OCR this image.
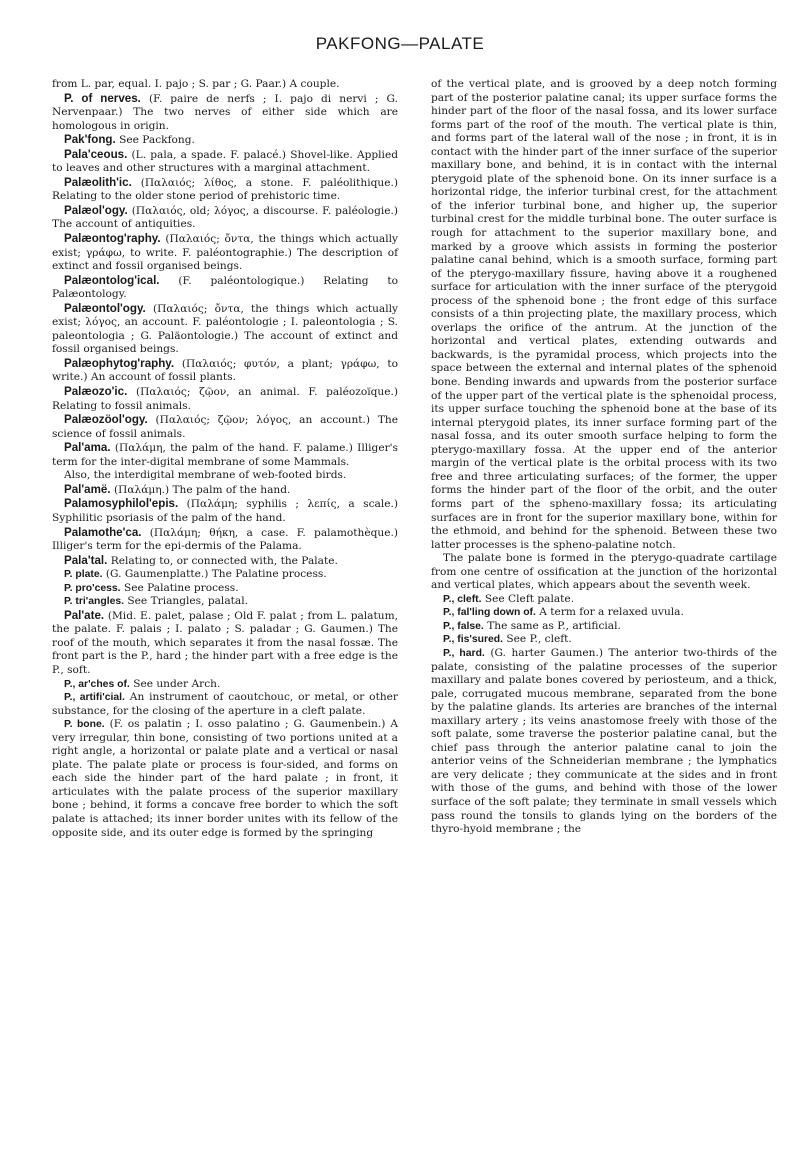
PAKFONG—PALATE

from L. par, equal. I. pajo ; S. par ; G. Paar.) A couple.

P. of nerves. (F. paire de nerfs ; I. pajo di nervi ; G. Nervenpaar.) The two nerves of either side which are homologous in origin.

Pak'fong. See Packfong.

Pala'ceous. (L. pala, a spade. F. palacé.) Shovel-like. Applied to leaves and other structures with a marginal attachment.

Palæolith'ic. (Παλαιός; λίθος, a stone. F. paléolithique.) Relating to the older stone period of prehistoric time.

Palæol'ogy. (Παλαιός, old; λόγος, a discourse. F. paléologie.) The account of antiquities.

Palæontog'raphy. (Παλαιός; ὄντα, the things which actually exist; γράφω, to write. F. paléontographie.) The description of extinct and fossil organised beings.

Palæontolog'ical. (F. paléontologique.) Relating to Palæontology.

Palæontol'ogy. (Παλαιός; ὄντα, the things which actually exist; λόγος, an account. F. paléontologie ; I. paleontologia ; S. paleontologia ; G. Paläontologie.) The account of extinct and fossil organised beings.

Palæophytog'raphy. (Παλαιός; φυτόν, a plant; γράφω, to write.) An account of fossil plants.

Palæozo'ic. (Παλαιός; ζῷον, an animal. F. paléozoïque.) Relating to fossil animals.

Palæozöol'ogy. (Παλαιός; ζῷον; λόγος, an account.) The science of fossil animals.

Pal'ama. (Παλάμη, the palm of the hand. F. palame.) Illiger's term for the inter-digital membrane of some Mammals.

Also, the interdigital membrane of web-footed birds.

Pal'amë. (Παλάμη.) The palm of the hand.

Palamosyphilol'epis. (Παλάμη; syphilis ; λεπίς, a scale.) Syphilitic psoriasis of the palm of the hand.

Palamothe'ca. (Παλάμη; θήκη, a case. F. palamothèque.) Illiger's term for the epi-dermis of the Palama.

Pala'tal. Relating to, or connected with, the Palate.

P. plate. (G. Gaumenplatte.) The Palatine process.

P. pro'cess. See Palatine process.

P. tri'angles. See Triangles, palatal.

Pal'ate. (Mid. E. palet, palase ; Old F. palat ; from L. palatum, the palate. F. palais ; I. palato ; S. paladar ; G. Gaumen.) The roof of the mouth, which separates it from the nasal fossæ. The front part is the P., hard ; the hinder part with a free edge is the P., soft.

P., ar'ches of. See under Arch.

P., artifi'cial. An instrument of caoutchouc, or metal, or other substance, for the closing of the aperture in a cleft palate.

P. bone. (F. os palatin ; I. osso palatino ; G. Gaumenbein.) A very irregular, thin bone, consisting of two portions united at a right angle, a horizontal or palate plate and a vertical or nasal plate. The palate plate or process is four-sided, and forms on each side the hinder part of the hard palate ; in front, it articulates with the palate process of the superior maxillary bone ; behind, it forms a concave free border to which the soft palate is attached; its inner border unites with its fellow of the opposite side, and its outer edge is formed by the springing

of the vertical plate, and is grooved by a deep notch forming part of the posterior palatine canal; its upper surface forms the hinder part of the floor of the nasal fossa, and its lower surface forms part of the roof of the mouth. The vertical plate is thin, and forms part of the lateral wall of the nose ; in front, it is in contact with the hinder part of the inner surface of the superior maxillary bone, and behind, it is in contact with the internal pterygoid plate of the sphenoid bone. On its inner surface is a horizontal ridge, the inferior turbinal crest, for the attachment of the inferior turbinal bone, and higher up, the superior turbinal crest for the middle turbinal bone. The outer surface is rough for attachment to the superior maxillary bone, and marked by a groove which assists in forming the posterior palatine canal behind, which is a smooth surface, forming part of the pterygo-maxillary fissure, having above it a roughened surface for articulation with the inner surface of the pterygoid process of the sphenoid bone ; the front edge of this surface consists of a thin projecting plate, the maxillary process, which overlaps the orifice of the antrum. At the junction of the horizontal and vertical plates, extending outwards and backwards, is the pyramidal process, which projects into the space between the external and internal plates of the sphenoid bone. Bending inwards and upwards from the posterior surface of the upper part of the vertical plate is the sphenoidal process, its upper surface touching the sphenoid bone at the base of its internal pterygoid plates, its inner surface forming part of the nasal fossa, and its outer smooth surface helping to form the pterygo-maxillary fossa. At the upper end of the anterior margin of the vertical plate is the orbital process with its two free and three articulating surfaces; of the former, the upper forms the hinder part of the floor of the orbit, and the outer forms part of the spheno-maxillary fossa; its articulating surfaces are in front for the superior maxillary bone, within for the ethmoid, and behind for the sphenoid. Between these two latter processes is the spheno-palatine notch.

The palate bone is formed in the pterygo-quadrate cartilage from one centre of ossification at the junction of the horizontal and vertical plates, which appears about the seventh week.

P., cleft. See Cleft palate.

P., fal'ling down of. A term for a relaxed uvula.

P., false. The same as P., artificial.

P., fis'sured. See P., cleft.

P., hard. (G. harter Gaumen.) The anterior two-thirds of the palate, consisting of the palatine processes of the superior maxillary and palate bones covered by periosteum, and a thick, pale, corrugated mucous membrane, separated from the bone by the palatine glands. Its arteries are branches of the internal maxillary artery ; its veins anastomose freely with those of the soft palate, some traverse the posterior palatine canal, but the chief pass through the anterior palatine canal to join the anterior veins of the Schneiderian membrane ; the lymphatics are very delicate ; they communicate at the sides and in front with those of the gums, and behind with those of the lower surface of the soft palate; they terminate in small vessels which pass round the tonsils to glands lying on the borders of the thyro-hyoid membrane ; the
